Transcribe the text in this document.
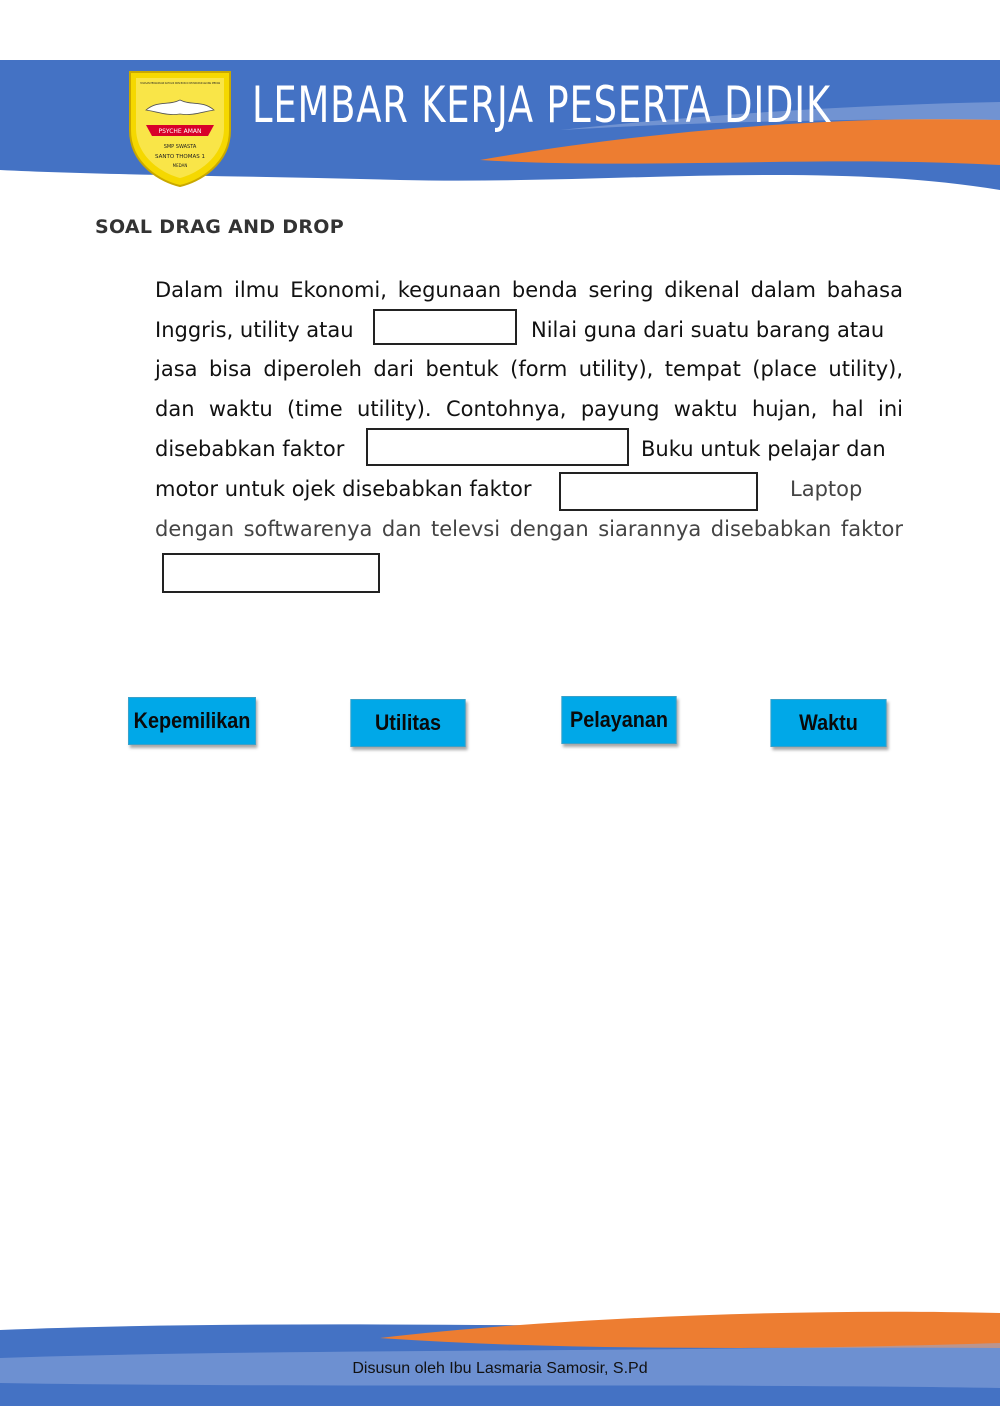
PSYCHE AMAN
SMP SWASTA
SANTO THOMAS 1
MEDAN
YAYASAN PERGURUAN KATOLIK DON BOSCO KEUSKUPAN AGUNG MEDAN LEMBAR KERJA PESERTA DIDIK
SOAL DRAG AND DROP
Dalam ilmu Ekonomi, kegunaan benda sering dikenal dalam bahasa
Inggris, utility atau	Nilai guna dari suatu barang atau
jasa bisa diperoleh dari bentuk (form utility), tempat (place utility),
dan waktu (time utility). Contohnya, payung waktu hujan, hal ini
disebabkan faktor	Buku untuk pelajar dan
motor untuk ojek disebabkan faktor	Laptop
dengan softwarenya dan televsi dengan siarannya disebabkan faktor
Kepemilikan	Utilitas	Pelayanan	Waktu
Disusun oleh Ibu Lasmaria Samosir, S.Pd
